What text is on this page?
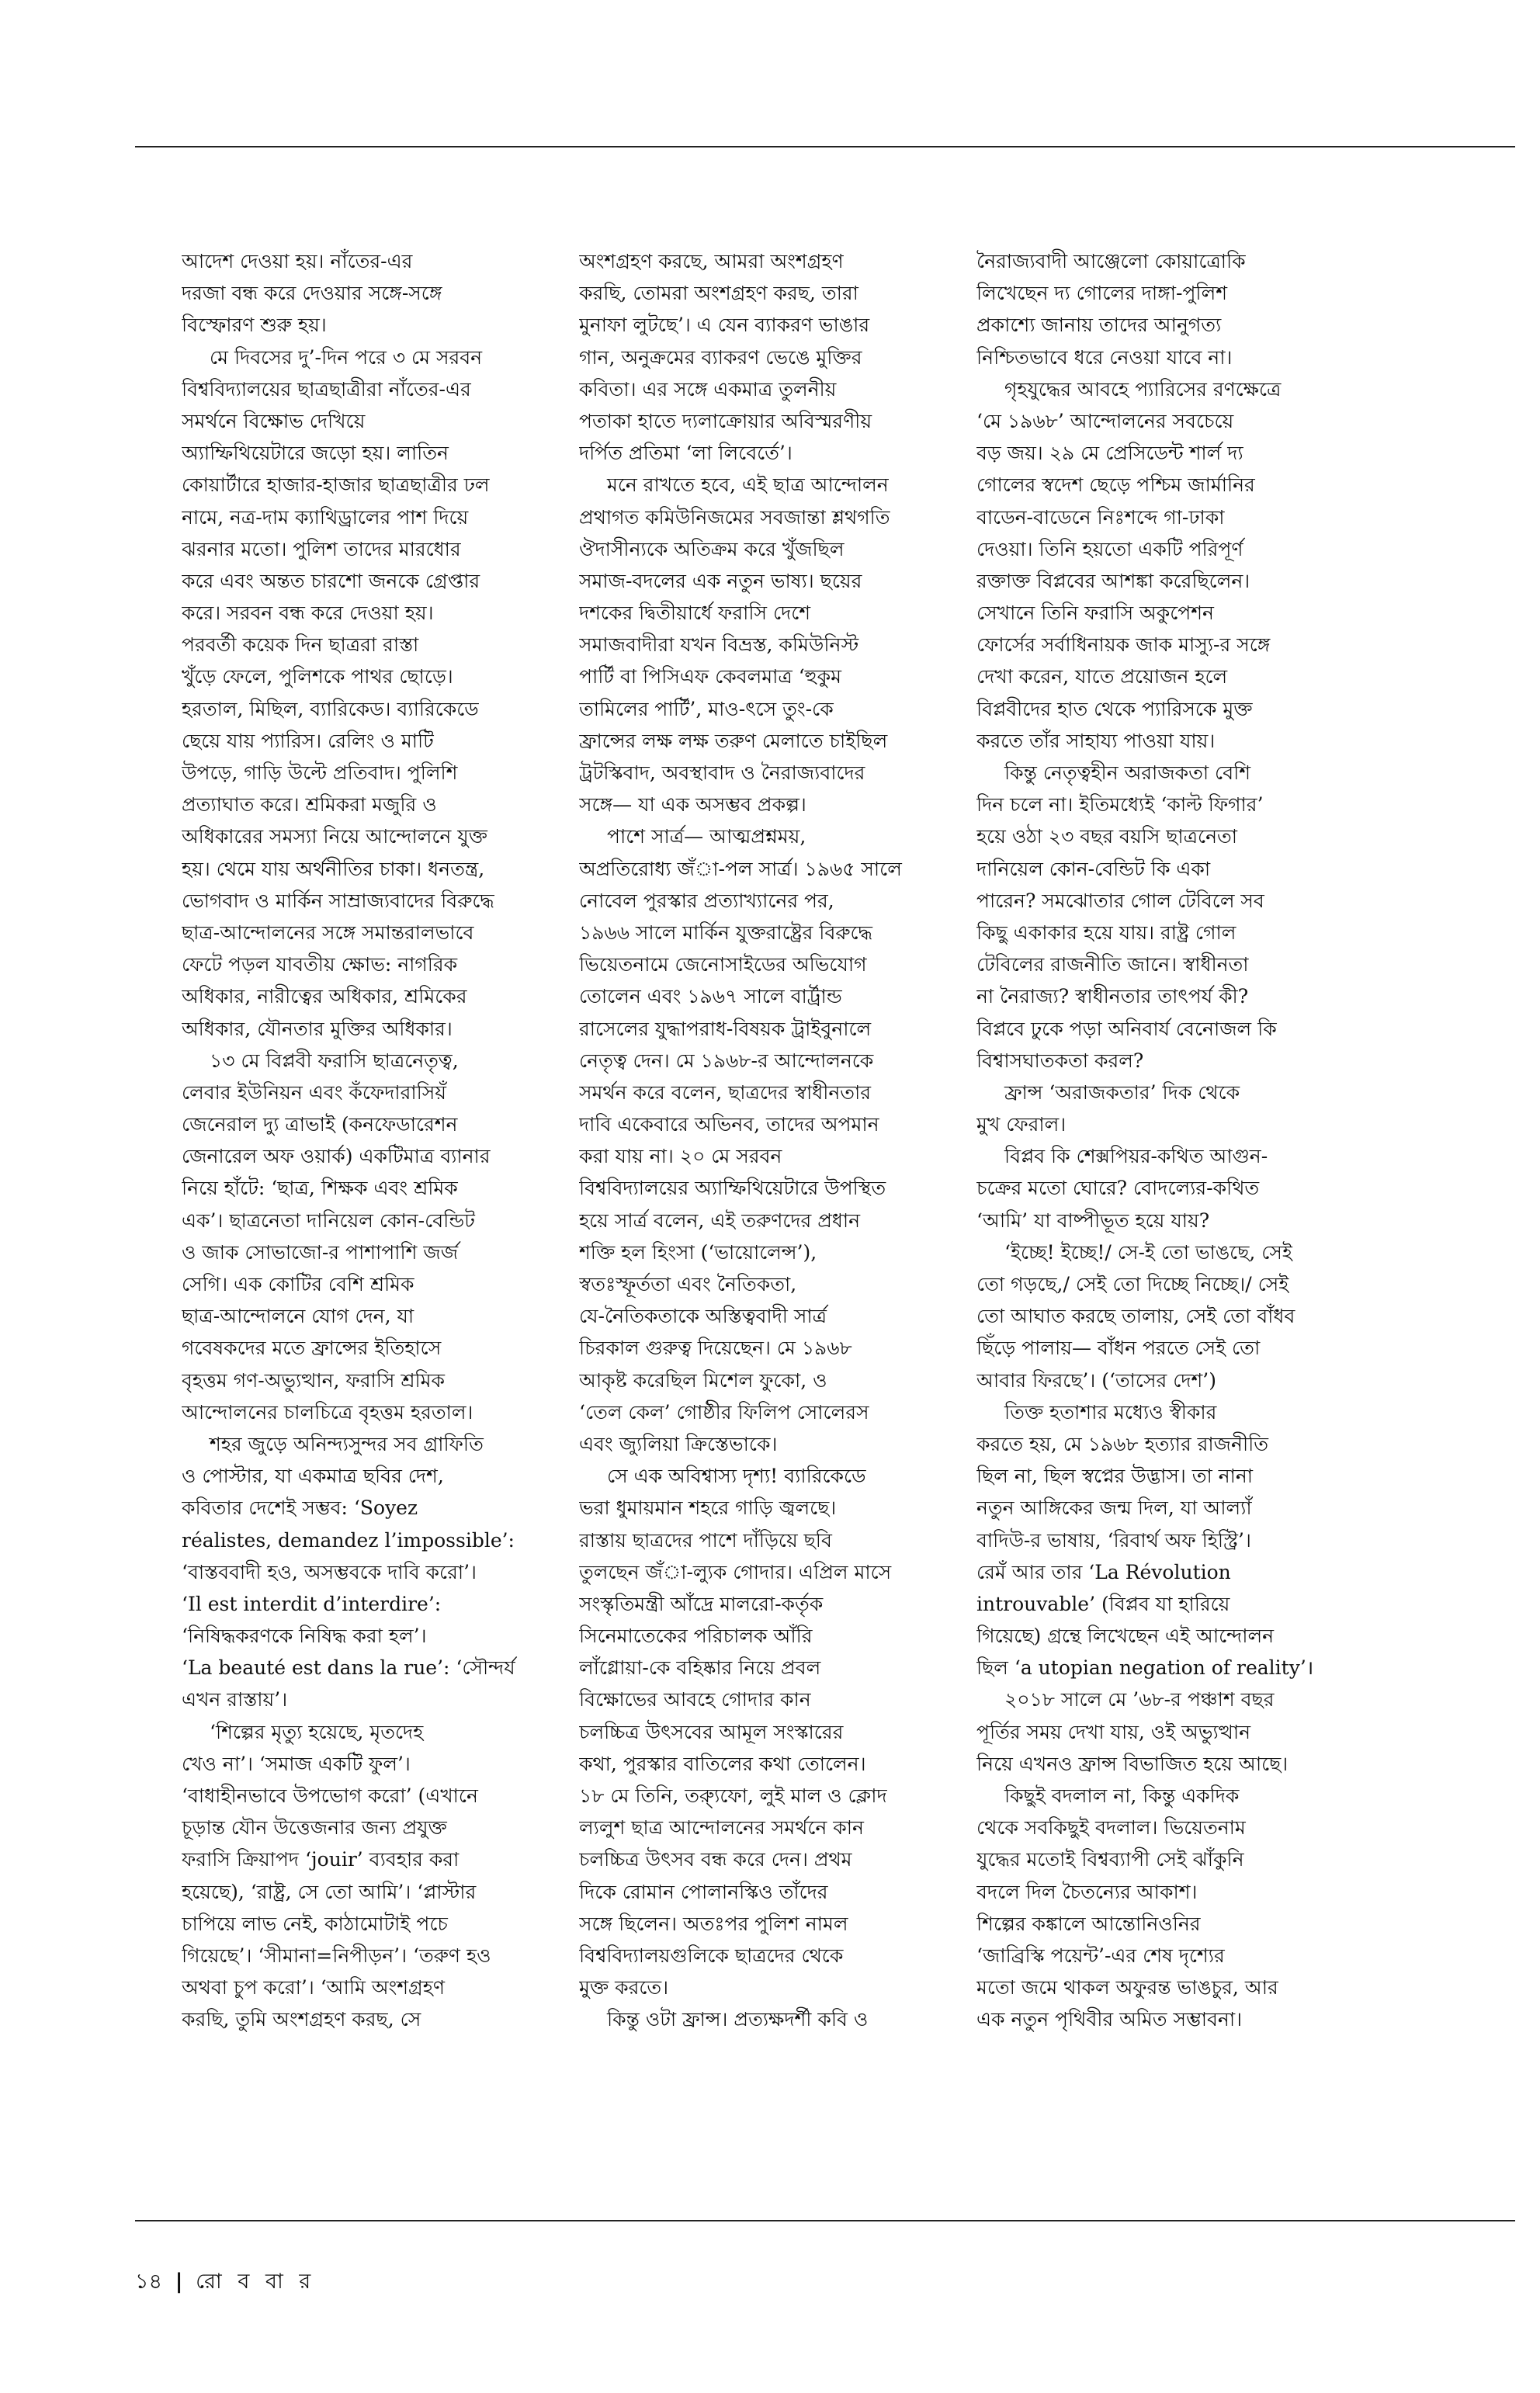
আদেশ দেওয়া হয়। নাঁতের-এর
দরজা বন্ধ করে দেওয়ার সঙ্গে-সঙ্গে
বিস্ফোরণ শুরু হয়।
মে দিবসের দু’-দিন পরে ৩ মে সরবন
বিশ্ববিদ্যালয়ের ছাত্রছাত্রীরা নাঁতের-এর
সমর্থনে বিক্ষোভ দেখিয়ে
অ্যাম্ফিথিয়েটারে জড়ো হয়। লাতিন
কোয়ার্টারে হাজার-হাজার ছাত্রছাত্রীর ঢল
নামে, নত্র-দাম ক্যাথিড্রালের পাশ দিয়ে
ঝরনার মতো। পুলিশ তাদের মারধোর
করে এবং অন্তত চারশো জনকে গ্রেপ্তার
করে। সরবন বন্ধ করে দেওয়া হয়।
পরবর্তী কয়েক দিন ছাত্ররা রাস্তা
খুঁড়ে ফেলে, পুলিশকে পাথর ছোড়ে।
হরতাল, মিছিল, ব্যারিকেড। ব্যারিকেডে
ছেয়ে যায় প্যারিস। রেলিং ও মাটি
উপড়ে, গাড়ি উল্টে প্রতিবাদ। পুলিশি
প্রত্যাঘাত করে। শ্রমিকরা মজুরি ও
অধিকারের সমস্যা নিয়ে আন্দোলনে যুক্ত
হয়। থেমে যায় অর্থনীতির চাকা। ধনতন্ত্র,
ভোগবাদ ও মার্কিন সাম্রাজ্যবাদের বিরুদ্ধে
ছাত্র-আন্দোলনের সঙ্গে সমান্তরালভাবে
ফেটে পড়ল যাবতীয় ক্ষোভ: নাগরিক
অধিকার, নারীত্বের অধিকার, শ্রমিকের
অধিকার, যৌনতার মুক্তির অধিকার।
১৩ মে বিপ্লবী ফরাসি ছাত্রনেতৃত্ব,
লেবার ইউনিয়ন এবং কঁফেদারাসিয়ঁ
জেনেরাল দ্যু ত্রাভাই (কনফেডারেশন
জেনারেল অফ ওয়ার্ক) একটিমাত্র ব্যানার
নিয়ে হাঁটে: ‘ছাত্র, শিক্ষক এবং শ্রমিক
এক’। ছাত্রনেতা দানিয়েল কোন-বেন্ডিট
ও জাক সোভাজো-র পাশাপাশি জর্জ
সেগি। এক কোটির বেশি শ্রমিক
ছাত্র-আন্দোলনে যোগ দেন, যা
গবেষকদের মতে ফ্রান্সের ইতিহাসে
বৃহত্তম গণ-অভ্যুত্থান, ফরাসি শ্রমিক
আন্দোলনের চালচিত্রে বৃহত্তম হরতাল।
শহর জুড়ে অনিন্দ্যসুন্দর সব গ্রাফিতি
ও পোস্টার, যা একমাত্র ছবির দেশ,
কবিতার দেশেই সম্ভব: ‘Soyez
réalistes, demandez l’impossible’:
‘বাস্তববাদী হও, অসম্ভবকে দাবি করো’।
‘Il est interdit d’interdire’:
‘নিষিদ্ধকরণকে নিষিদ্ধ করা হল’।
‘La beauté est dans la rue’: ‘সৌন্দর্য
এখন রাস্তায়’।
‘শিল্পের মৃত্যু হয়েছে, মৃতদেহ
খেও না’। ‘সমাজ একটি ফুল’।
‘বাধাহীনভাবে উপভোগ করো’ (এখানে
চূড়ান্ত যৌন উত্তেজনার জন্য প্রযুক্ত
ফরাসি ক্রিয়াপদ ‘jouir’ ব্যবহার করা
হয়েছে), ‘রাষ্ট্র, সে তো আমি’। ‘প্লাস্টার
চাপিয়ে লাভ নেই, কাঠামোটাই পচে
গিয়েছে’। ‘সীমানা=নিপীড়ন’। ‘তরুণ হও
অথবা চুপ করো’। ‘আমি অংশগ্রহণ
করছি, তুমি অংশগ্রহণ করছ, সে
অংশগ্রহণ করছে, আমরা অংশগ্রহণ
করছি, তোমরা অংশগ্রহণ করছ, তারা
মুনাফা লুটছে’। এ যেন ব্যাকরণ ভাঙার
গান, অনুক্রমের ব্যাকরণ ভেঙে মুক্তির
কবিতা। এর সঙ্গে একমাত্র তুলনীয়
পতাকা হাতে দ্যলাক্রোয়ার অবিস্মরণীয়
দর্পিত প্রতিমা ‘লা লিবের্তে’।
মনে রাখতে হবে, এই ছাত্র আন্দোলন
প্রথাগত কমিউনিজমের সবজান্তা শ্লথগতি
ঔদাসীন্যকে অতিক্রম করে খুঁজছিল
সমাজ-বদলের এক নতুন ভাষ্য। ছয়ের
দশকের দ্বিতীয়ার্ধে ফরাসি দেশে
সমাজবাদীরা যখন বিভ্রস্ত, কমিউনিস্ট
পার্টি বা পিসিএফ কেবলমাত্র ‘হুকুম
তামিলের পার্টি’, মাও-ৎসে তুং-কে
ফ্রান্সের লক্ষ লক্ষ তরুণ মেলাতে চাইছিল
ট্রটস্কিবাদ, অবস্থাবাদ ও নৈরাজ্যবাদের
সঙ্গে— যা এক অসম্ভব প্রকল্প।
পাশে সার্ত্র— আত্মপ্রশ্নময়,
অপ্রতিরোধ্য জঁা-পল সার্ত্র। ১৯৬৫ সালে
নোবেল পুরস্কার প্রত্যাখ্যানের পর,
১৯৬৬ সালে মার্কিন যুক্তরাষ্ট্রের বিরুদ্ধে
ভিয়েতনামে জেনোসাইডের অভিযোগ
তোলেন এবং ১৯৬৭ সালে বার্ট্রান্ড
রাসেলের যুদ্ধাপরাধ-বিষয়ক ট্রাইবুনালে
নেতৃত্ব দেন। মে ১৯৬৮-র আন্দোলনকে
সমর্থন করে বলেন, ছাত্রদের স্বাধীনতার
দাবি একেবারে অভিনব, তাদের অপমান
করা যায় না। ২০ মে সরবন
বিশ্ববিদ্যালয়ের অ্যাম্ফিথিয়েটারে উপস্থিত
হয়ে সার্ত্র বলেন, এই তরুণদের প্রধান
শক্তি হল হিংসা (‘ভায়োলেন্স’),
স্বতঃস্ফূর্ততা এবং নৈতিকতা,
যে-নৈতিকতাকে অস্তিত্ববাদী সার্ত্র
চিরকাল গুরুত্ব দিয়েছেন। মে ১৯৬৮
আকৃষ্ট করেছিল মিশেল ফুকো, ও
‘তেল কেল’ গোষ্ঠীর ফিলিপ সোলেরস
এবং জ্যুলিয়া ক্রিস্তেভাকে।
সে এক অবিশ্বাস্য দৃশ্য! ব্যারিকেডে
ভরা ধুমায়মান শহরে গাড়ি জ্বলছে।
রাস্তায় ছাত্রদের পাশে দাঁড়িয়ে ছবি
তুলছেন জঁা-ল্যুক গোদার। এপ্রিল মাসে
সংস্কৃতিমন্ত্রী আঁদ্রে মালরো-কর্তৃক
সিনেমাতেকের পরিচালক আঁরি
লাঁগ্লোয়া-কে বহিষ্কার নিয়ে প্রবল
বিক্ষোভের আবহে গোদার কান
চলচ্চিত্র উৎসবের আমূল সংস্কারের
কথা, পুরস্কার বাতিলের কথা তোলেন।
১৮ মে তিনি, ত্র্যুফো, লুই মাল ও ক্লোদ
ল্যলুশ ছাত্র আন্দোলনের সমর্থনে কান
চলচ্চিত্র উৎসব বন্ধ করে দেন। প্রথম
দিকে রোমান পোলানস্কিও তাঁদের
সঙ্গে ছিলেন। অতঃপর পুলিশ নামল
বিশ্ববিদ্যালয়গুলিকে ছাত্রদের থেকে
মুক্ত করতে।
কিন্তু ওটা ফ্রান্স। প্রত্যক্ষদর্শী কবি ও
নৈরাজ্যবাদী আঞ্জেলো কোয়াত্রোকি
লিখেছেন দ্য গোলের দাঙ্গা-পুলিশ
প্রকাশ্যে জানায় তাদের আনুগত্য
নিশ্চিতভাবে ধরে নেওয়া যাবে না।
গৃহযুদ্ধের আবহে প্যারিসের রণক্ষেত্রে
‘মে ১৯৬৮’ আন্দোলনের সবচেয়ে
বড় জয়। ২৯ মে প্রেসিডেন্ট শার্ল দ্য
গোলের স্বদেশ ছেড়ে পশ্চিম জার্মানির
বাডেন-বাডেনে নিঃশব্দে গা-ঢাকা
দেওয়া। তিনি হয়তো একটি পরিপূর্ণ
রক্তাক্ত বিপ্লবের আশঙ্কা করেছিলেন।
সেখানে তিনি ফরাসি অকুপেশন
ফোর্সের সর্বাধিনায়ক জাক মাস্যু-র সঙ্গে
দেখা করেন, যাতে প্রয়োজন হলে
বিপ্লবীদের হাত থেকে প্যারিসকে মুক্ত
করতে তাঁর সাহায্য পাওয়া যায়।
কিন্তু নেতৃত্বহীন অরাজকতা বেশি
দিন চলে না। ইতিমধ্যেই ‘কাল্ট ফিগার’
হয়ে ওঠা ২৩ বছর বয়সি ছাত্রনেতা
দানিয়েল কোন-বেন্ডিট কি একা
পারেন? সমঝোতার গোল টেবিলে সব
কিছু একাকার হয়ে যায়। রাষ্ট্র গোল
টেবিলের রাজনীতি জানে। স্বাধীনতা
না নৈরাজ্য? স্বাধীনতার তাৎপর্য কী?
বিপ্লবে ঢুকে পড়া অনিবার্য বেনোজল কি
বিশ্বাসঘাতকতা করল?
ফ্রান্স ‘অরাজকতার’ দিক থেকে
মুখ ফেরাল।
বিপ্লব কি শেক্সপিয়র-কথিত আগুন-
চক্রের মতো ঘোরে? বোদল্যের-কথিত
‘আমি’ যা বাষ্পীভূত হয়ে যায়?
‘ইচ্ছে! ইচ্ছে!/ সে-ই তো ভাঙছে, সেই
তো গড়ছে,/ সেই তো দিচ্ছে নিচ্ছে।/ সেই
তো আঘাত করছে তালায়, সেই তো বাঁধব
ছিঁড়ে পালায়— বাঁধন পরতে সেই তো
আবার ফিরছে’। (‘তাসের দেশ’)
তিক্ত হতাশার মধ্যেও স্বীকার
করতে হয়, মে ১৯৬৮ হত্যার রাজনীতি
ছিল না, ছিল স্বপ্নের উদ্ভাস। তা নানা
নতুন আঙ্গিকের জন্ম দিল, যা আল্যাঁ
বাদিউ-র ভাষায়, ‘রিবার্থ অফ হিস্ট্রি’।
রেমঁ আর তার ‘La Révolution
introuvable’ (বিপ্লব যা হারিয়ে
গিয়েছে) গ্রন্থে লিখেছেন এই আন্দোলন
ছিল ‘a utopian negation of reality’।
২০১৮ সালে মে ’৬৮-র পঞ্চাশ বছর
পূর্তির সময় দেখা যায়, ওই অভ্যুত্থান
নিয়ে এখনও ফ্রান্স বিভাজিত হয়ে আছে।
কিছুই বদলাল না, কিন্তু একদিক
থেকে সবকিছুই বদলাল। ভিয়েতনাম
যুদ্ধের মতোই বিশ্বব্যাপী সেই ঝাঁকুনি
বদলে দিল চৈতন্যের আকাশ।
শিল্পের কঙ্কালে আন্তোনিওনির
‘জাব্রিস্কি পয়েন্ট’-এর শেষ দৃশ্যের
মতো জমে থাকল অফুরন্ত ভাঙচুর, আর
এক নতুন পৃথিবীর অমিত সম্ভাবনা।
১৪ | রো ব বা র
